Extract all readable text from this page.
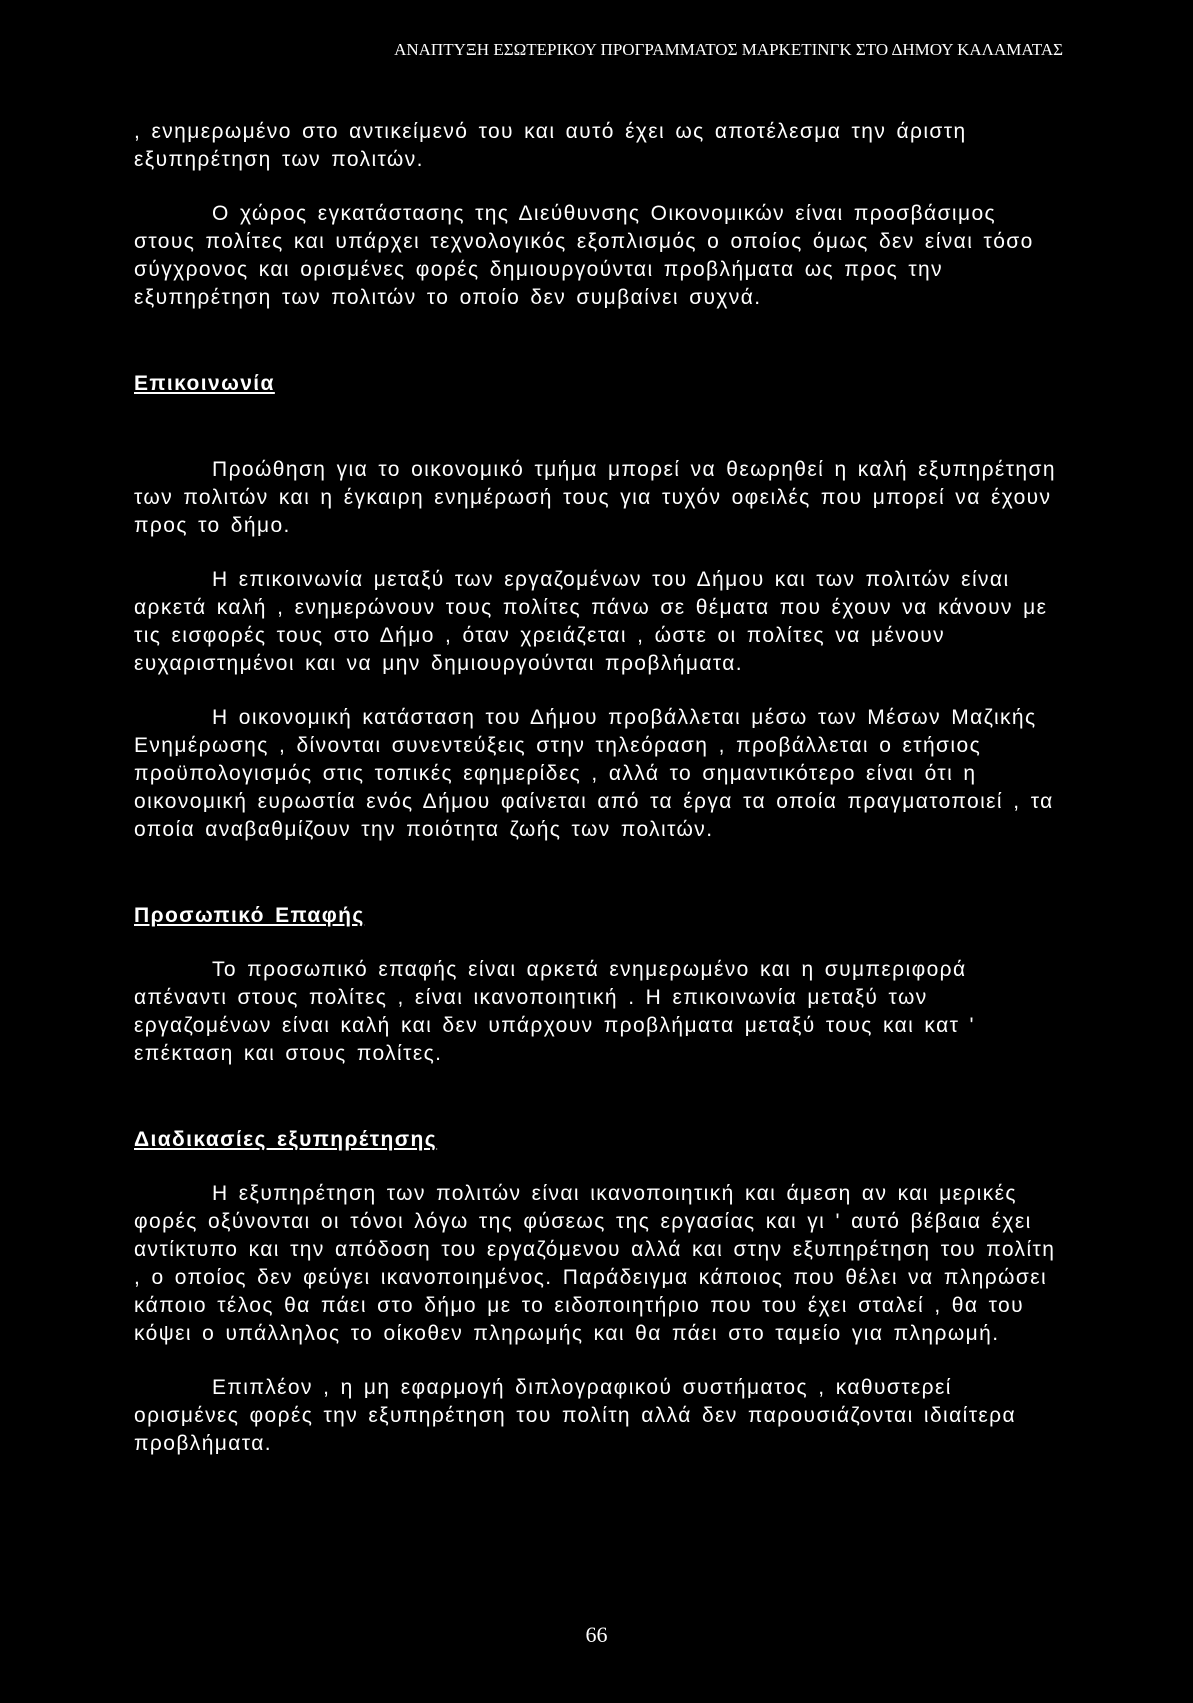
ΑΝΑΠΤΥΞΗ ΕΣΩΤΕΡΙΚΟΥ ΠΡΟΓΡΑΜΜΑΤΟΣ ΜΑΡΚΕΤΙΝΓΚ ΣΤΟ ΔΗΜΟΥ ΚΑΛΑΜΑΤΑΣ

, ενημερωμένο στο αντικείμενό του και αυτό έχει ως αποτέλεσμα την άριστη εξυπηρέτηση των πολιτών.

Ο χώρος εγκατάστασης της Διεύθυνσης Οικονομικών είναι προσβάσιμος στους πολίτες και υπάρχει τεχνολογικός εξοπλισμός ο οποίος όμως δεν είναι τόσο σύγχρονος και ορισμένες φορές δημιουργούνται προβλήματα ως προς την εξυπηρέτηση των πολιτών το οποίο δεν συμβαίνει συχνά.

Επικοινωνία

Προώθηση για το οικονομικό τμήμα μπορεί να θεωρηθεί η καλή εξυπηρέτηση των πολιτών και η έγκαιρη ενημέρωσή τους για τυχόν οφειλές που μπορεί να έχουν προς το δήμο.

Η επικοινωνία μεταξύ των εργαζομένων του Δήμου και των πολιτών είναι αρκετά καλή , ενημερώνουν τους πολίτες πάνω σε θέματα που έχουν να κάνουν με τις εισφορές τους στο Δήμο , όταν χρειάζεται , ώστε οι πολίτες να μένουν ευχαριστημένοι και να μην δημιουργούνται προβλήματα.

Η οικονομική κατάσταση του Δήμου προβάλλεται μέσω των Μέσων Μαζικής Ενημέρωσης , δίνονται συνεντεύξεις στην τηλεόραση , προβάλλεται ο ετήσιος προϋπολογισμός στις τοπικές εφημερίδες , αλλά το σημαντικότερο είναι ότι η οικονομική ευρωστία ενός Δήμου φαίνεται από τα έργα τα οποία πραγματοποιεί , τα οποία αναβαθμίζουν την ποιότητα ζωής των πολιτών.

Προσωπικό Επαφής

Το προσωπικό επαφής είναι αρκετά ενημερωμένο και η συμπεριφορά απέναντι στους πολίτες , είναι ικανοποιητική . Η επικοινωνία μεταξύ των εργαζομένων είναι καλή και δεν υπάρχουν προβλήματα μεταξύ τους και κατ ' επέκταση και στους πολίτες.

Διαδικασίες εξυπηρέτησης

Η εξυπηρέτηση των πολιτών είναι ικανοποιητική και άμεση αν και μερικές φορές οξύνονται οι τόνοι λόγω της φύσεως της εργασίας και γι ' αυτό βέβαια έχει αντίκτυπο και την απόδοση του εργαζόμενου αλλά και στην εξυπηρέτηση του πολίτη , ο οποίος δεν φεύγει ικανοποιημένος. Παράδειγμα κάποιος που θέλει να πληρώσει κάποιο τέλος θα πάει στο δήμο με το ειδοποιητήριο που του έχει σταλεί , θα του κόψει ο υπάλληλος το οίκοθεν πληρωμής και θα πάει στο ταμείο για πληρωμή.

Επιπλέον , η μη εφαρμογή διπλογραφικού συστήματος , καθυστερεί ορισμένες φορές την εξυπηρέτηση του πολίτη αλλά δεν παρουσιάζονται ιδιαίτερα προβλήματα.

66
